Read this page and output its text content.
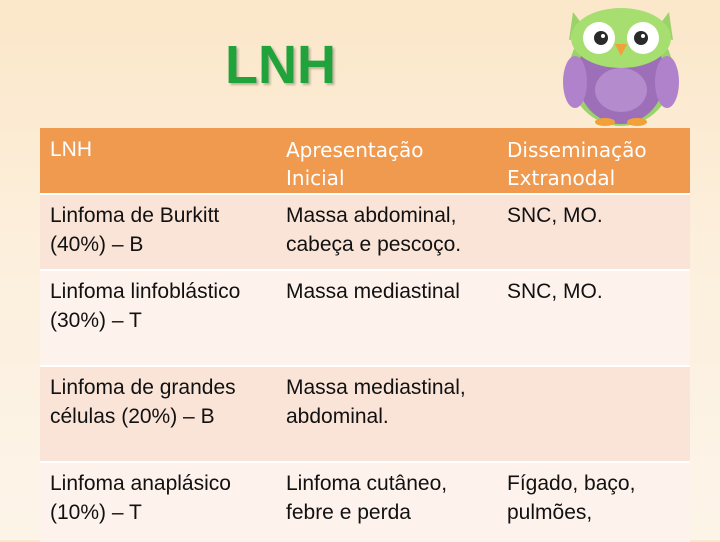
LNH
LNH	Apresentação Inicial	Disseminação Extranodal
Linfoma de Burkitt (40%) – B	Massa abdominal, cabeça e pescoço.	SNC, MO.
Linfoma linfoblástico (30%) – T	Massa mediastinal	SNC, MO.
Linfoma de grandes células (20%) – B	Massa mediastinal, abdominal.	
Linfoma anaplásico (10%) – T	Linfoma cutâneo, febre e perda	Fígado, baço, pulmões,
